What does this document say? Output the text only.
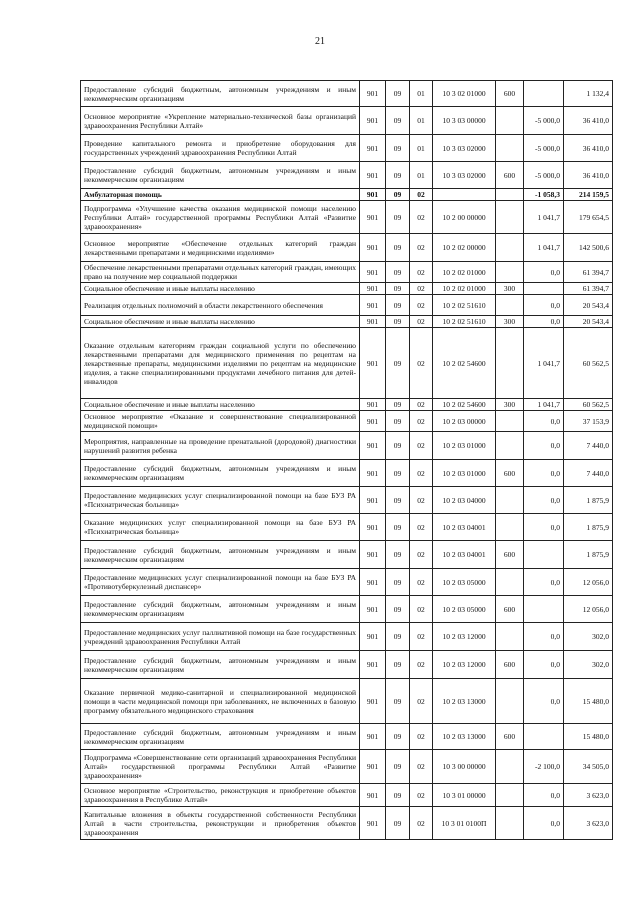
21
Предоставление субсидий бюджетным, автономным учреждениям и иным некоммерческим организациям	901	09	01	10 3 02 01000	600		1 132,4
Основное мероприятие «Укрепление материально-технической базы организаций здравоохранения Республики Алтай»	901	09	01	10 3 03 00000		-5 000,0	36 410,0
Проведение капитального ремонта и приобретение оборудования для государственных учреждений здравоохранения Республики Алтай	901	09	01	10 3 03 02000		-5 000,0	36 410,0
Предоставление субсидий бюджетным, автономным учреждениям и иным некоммерческим организациям	901	09	01	10 3 03 02000	600	-5 000,0	36 410,0
Амбулаторная помощь	901	09	02			-1 058,3	214 159,5
Подпрограмма «Улучшение качества оказания медицинской помощи населению Республики Алтай» государственной программы Республики Алтай «Развитие здравоохранения»	901	09	02	10 2 00 00000		1 041,7	179 654,5
Основное мероприятие «Обеспечение отдельных категорий граждан лекарственными препаратами и медицинскими изделиями»	901	09	02	10 2 02 00000		1 041,7	142 500,6
Обеспечение лекарственными препаратами отдельных категорий граждан, имеющих право на получение мер социальной поддержки	901	09	02	10 2 02 01000		0,0	61 394,7
Социальное обеспечение и иные выплаты населению	901	09	02	10 2 02 01000	300		61 394,7
Реализация отдельных полномочий в области лекарственного обеспечения	901	09	02	10 2 02 51610		0,0	20 543,4
Социальное обеспечение и иные выплаты населению	901	09	02	10 2 02 51610	300	0,0	20 543,4
Оказание отдельным категориям граждан социальной услуги по обеспечению лекарственными препаратами для медицинского применения по рецептам на лекарственные препараты, медицинскими изделиями по рецептам на медицинские изделия, а также специализированными продуктами лечебного питания для детей-инвалидов	901	09	02	10 2 02 54600		1 041,7	60 562,5
Социальное обеспечение и иные выплаты населению	901	09	02	10 2 02 54600	300	1 041,7	60 562,5
Основное мероприятие «Оказание и совершенствование специализированной медицинской помощи»	901	09	02	10 2 03 00000		0,0	37 153,9
Мероприятия, направленные на проведение пренатальной (дородовой) диагностики нарушений развития ребенка	901	09	02	10 2 03 01000		0,0	7 440,0
Предоставление субсидий бюджетным, автономным учреждениям и иным некоммерческим организациям	901	09	02	10 2 03 01000	600	0,0	7 440,0
Предоставление медицинских услуг специализированной помощи на базе БУЗ РА «Психиатрическая больница»	901	09	02	10 2 03 04000		0,0	1 875,9
Оказание медицинских услуг специализированной помощи на базе БУЗ РА «Психиатрическая больница»	901	09	02	10 2 03 04001		0,0	1 875,9
Предоставление субсидий бюджетным, автономным учреждениям и иным некоммерческим организациям	901	09	02	10 2 03 04001	600		1 875,9
Предоставление медицинских услуг специализированной помощи на базе БУЗ РА «Противотуберкулезный диспансер»	901	09	02	10 2 03 05000		0,0	12 056,0
Предоставление субсидий бюджетным, автономным учреждениям и иным некоммерческим организациям	901	09	02	10 2 03 05000	600		12 056,0
Предоставление медицинских услуг паллиативной помощи на базе государственных учреждений здравоохранения Республики Алтай	901	09	02	10 2 03 12000		0,0	302,0
Предоставление субсидий бюджетным, автономным учреждениям и иным некоммерческим организациям	901	09	02	10 2 03 12000	600	0,0	302,0
Оказание первичной медико-санитарной и специализированной медицинской помощи в части медицинской помощи при заболеваниях, не включенных в базовую программу обязательного медицинского страхования	901	09	02	10 2 03 13000		0,0	15 480,0
Предоставление субсидий бюджетным, автономным учреждениям и иным некоммерческим организациям	901	09	02	10 2 03 13000	600		15 480,0
Подпрограмма «Совершенствование сети организаций здравоохранения Республики Алтай» государственной программы Республики Алтай «Развитие здравоохранения»	901	09	02	10 3 00 00000		-2 100,0	34 505,0
Основное мероприятие «Строительство, реконструкция и приобретение объектов здравоохранения в Республике Алтай»	901	09	02	10 3 01 00000		0,0	3 623,0
Капитальные вложения в объекты государственной собственности Республики Алтай в части строительства, реконструкции и приобретения объектов здравоохранения	901	09	02	10 3 01 0100П		0,0	3 623,0
